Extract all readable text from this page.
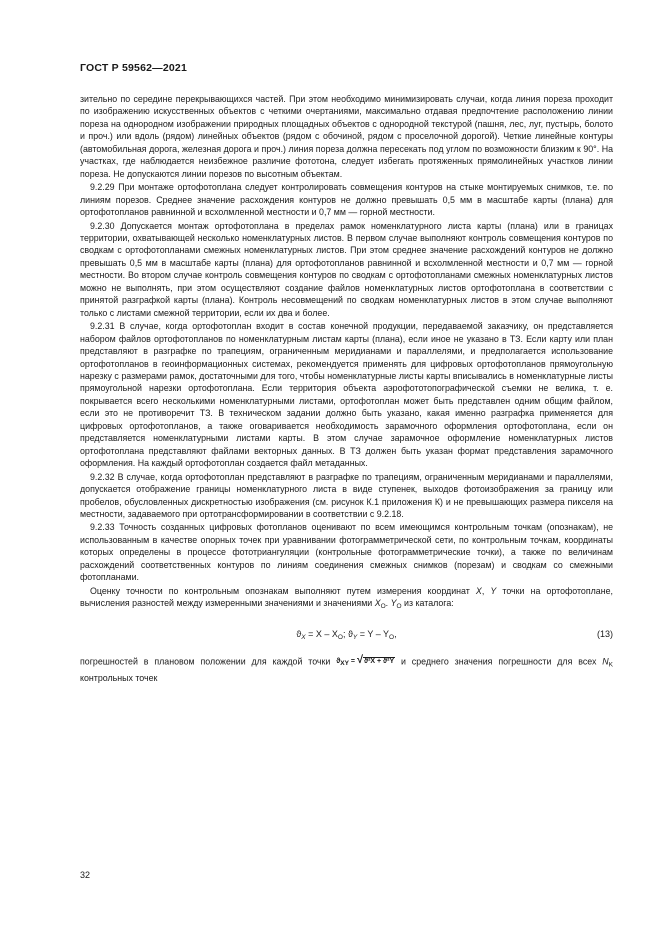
ГОСТ Р 59562—2021

зительно по середине перекрывающихся частей. При этом необходимо минимизировать случаи, когда линия пореза проходит по изображению искусственных объектов с четкими очертаниями, максимально отдавая предпочтение расположению линии пореза на однородном изображении природных площадных объектов с однородной текстурой (пашня, лес, луг, пустырь, болото и проч.) или вдоль (рядом) линейных объектов (рядом с обочиной, рядом с проселочной дорогой). Четкие линейные контуры (автомобильная дорога, железная дорога и проч.) линия пореза должна пересекать под углом по возможности близким к 90°. На участках, где наблюдается неизбежное различие фототона, следует избегать протяженных прямолинейных участков линии пореза. Не допускаются линии порезов по высотным объектам.

9.2.29 При монтаже ортофотоплана следует контролировать совмещения контуров на стыке монтируемых снимков, т.е. по линиям порезов. Среднее значение расхождения контуров не должно превышать 0,5 мм в масштабе карты (плана) для ортофотопланов равнинной и всхолмленной местности и 0,7 мм — горной местности.

9.2.30 Допускается монтаж ортофотоплана в пределах рамок номенклатурного листа карты (плана) или в границах территории, охватывающей несколько номенклатурных листов. В первом случае выполняют контроль совмещения контуров по сводкам с ортофотопланами смежных номенклатурных листов. При этом среднее значение расхождений контуров не должно превышать 0,5 мм в масштабе карты (плана) для ортофотопланов равнинной и всхолмленной местности и 0,7 мм — горной местности. Во втором случае контроль совмещения контуров по сводкам с ортофотопланами смежных номенклатурных листов можно не выполнять, при этом осуществляют создание файлов номенклатурных листов ортофотоплана в соответствии с принятой разграфкой карты (плана). Контроль несовмещений по сводкам номенклатурных листов в этом случае выполняют только с листами смежной территории, если их два и более.

9.2.31 В случае, когда ортофотоплан входит в состав конечной продукции, передаваемой заказчику, он представляется набором файлов ортофотопланов по номенклатурным листам карты (плана), если иное не указано в ТЗ. Если карту или план представляют в разграфке по трапециям, ограниченным меридианами и параллелями, и предполагается использование ортофотопланов в геоинформационных системах, рекомендуется применять для цифровых ортофотопланов прямоугольную нарезку с размерами рамок, достаточными для того, чтобы номенклатурные листы карты вписывались в номенклатурные листы прямоугольной нарезки ортофотоплана. Если территория объекта аэрофототопографической съемки не велика, т. е. покрывается всего несколькими номенклатурными листами, ортофотоплан может быть представлен одним общим файлом, если это не противоречит ТЗ. В техническом задании должно быть указано, какая именно разграфка применяется для цифровых ортофотопланов, а также оговаривается необходимость зарамочного оформления ортофотоплана, если он представляется номенклатурными листами карты. В этом случае зарамочное оформление номенклатурных листов ортофотоплана представляют файлами векторных данных. В ТЗ должен быть указан формат представления зарамочного оформления. На каждый ортофотоплан создается файл метаданных.

9.2.32 В случае, когда ортофотоплан представляют в разграфке по трапециям, ограниченным меридианами и параллелями, допускается отображение границы номенклатурного листа в виде ступенек, выходов фотоизображения за границу или пробелов, обусловленных дискретностью изображения (см. рисунок К.1 приложения К) и не превышающих размера пикселя на местности, задаваемого при ортотрансформировании в соответствии с 9.2.18.

9.2.33 Точность созданных цифровых фотопланов оценивают по всем имеющимся контрольным точкам (опознакам), не использованным в качестве опорных точек при уравнивании фотограмметрической сети, по контрольным точкам, координаты которых определены в процессе фототриангуляции (контрольные фотограмметрические точки), а также по величинам расхождений соответственных контуров по линиям соединения смежных снимков (порезам) и сводкам со смежными фотопланами.

Оценку точности по контрольным опознакам выполняют путем измерения координат X, Y точки на ортофотоплане, вычисления разностей между измеренными значениями и значениями $X_O$. $Y_O$ из каталога:

$ϑ_X = X - X_O$; $ϑ_Y = Y - Y_O$,	(13)

погрешностей в плановом положении для каждой точки $ϑ_{XY} = √ϑ^2X + ϑ^2Y$ и среднего значения погрешности для всех $N_K$ контрольных точек

32
